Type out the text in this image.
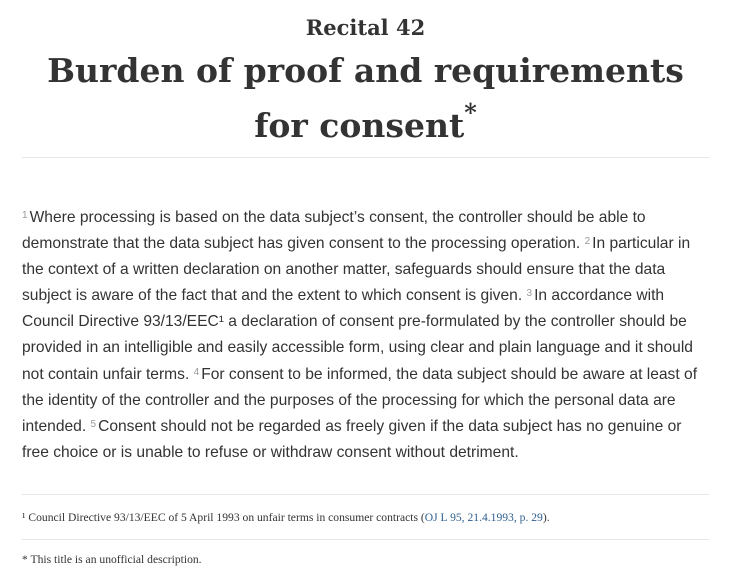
Recital 42
Burden of proof and requirements for consent*

$^1$ Where processing is based on the data subject’s consent, the controller should be able to demonstrate that the data subject has given consent to the processing operation. $^2$ In particular in the context of a written declaration on another matter, safeguards should ensure that the data subject is aware of the fact that and the extent to which consent is given. $^3$ In accordance with Council Directive 93/13/EEC¹ a declaration of consent pre-formulated by the controller should be provided in an intelligible and easily accessible form, using clear and plain language and it should not contain unfair terms. $^4$ For consent to be informed, the data subject should be aware at least of the identity of the controller and the purposes of the processing for which the personal data are intended. $^5$ Consent should not be regarded as freely given if the data subject has no genuine or free choice or is unable to refuse or withdraw consent without detriment.

¹ Council Directive 93/13/EEC of 5 April 1993 on unfair terms in consumer contracts (OJ L 95, 21.4.1993, p. 29).

* This title is an unofficial description.
